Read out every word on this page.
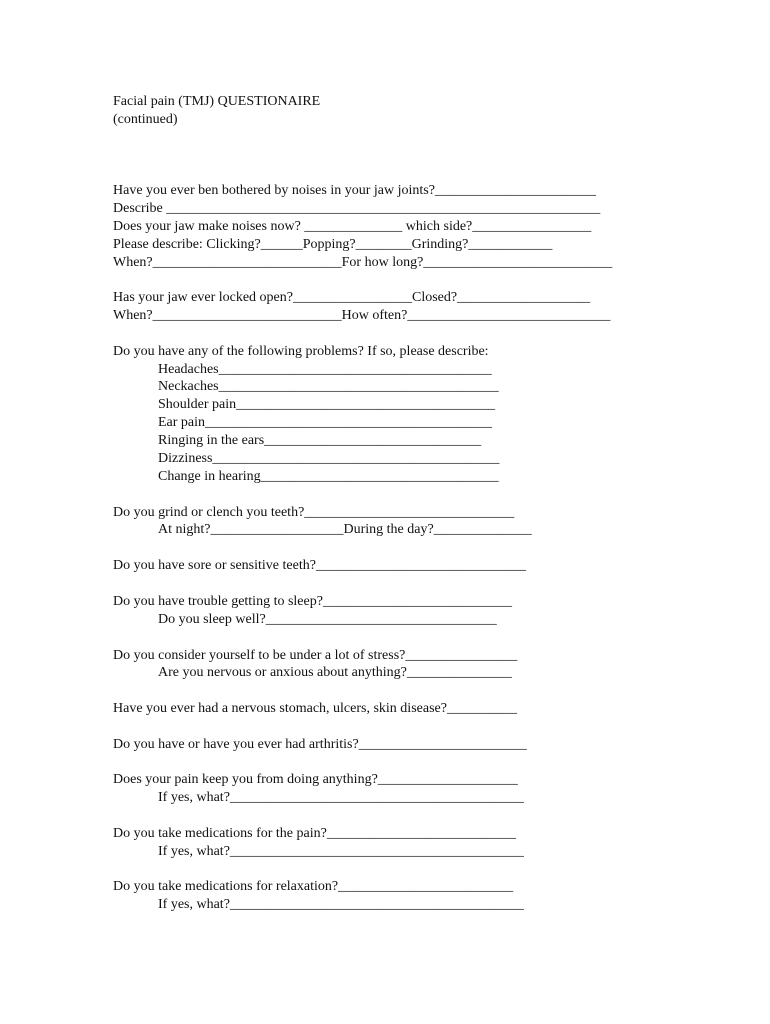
Facial pain (TMJ) QUESTIONAIRE
(continued)
Have you ever ben bothered by noises in your jaw joints?_______________________
Describe ______________________________________________________________
Does your jaw make noises now? ______________ which side?_________________
Please describe: Clicking?______Popping?________Grinding?____________
When?___________________________For how long?___________________________
Has your jaw ever locked open?_________________Closed?___________________
When?___________________________How often?_____________________________
Do you have any of the following problems? If so, please describe:
Headaches_______________________________________
Neckaches________________________________________
Shoulder pain_____________________________________
Ear pain_________________________________________
Ringing in the ears_______________________________
Dizziness_________________________________________
Change in hearing__________________________________
Do you grind or clench you teeth?______________________________
At night?___________________During the day?______________
Do you have sore or sensitive teeth?______________________________
Do you have trouble getting to sleep?___________________________
Do you sleep well?_________________________________
Do you consider yourself to be under a lot of stress?________________
Are you nervous or anxious about anything?_______________
Have you ever had a nervous stomach, ulcers, skin disease?__________
Do you have or have you ever had arthritis?________________________
Does your pain keep you from doing anything?____________________
If yes, what?__________________________________________
Do you take medications for the pain?___________________________
If yes, what?__________________________________________
Do you take medications for relaxation?_________________________
If yes, what?__________________________________________
